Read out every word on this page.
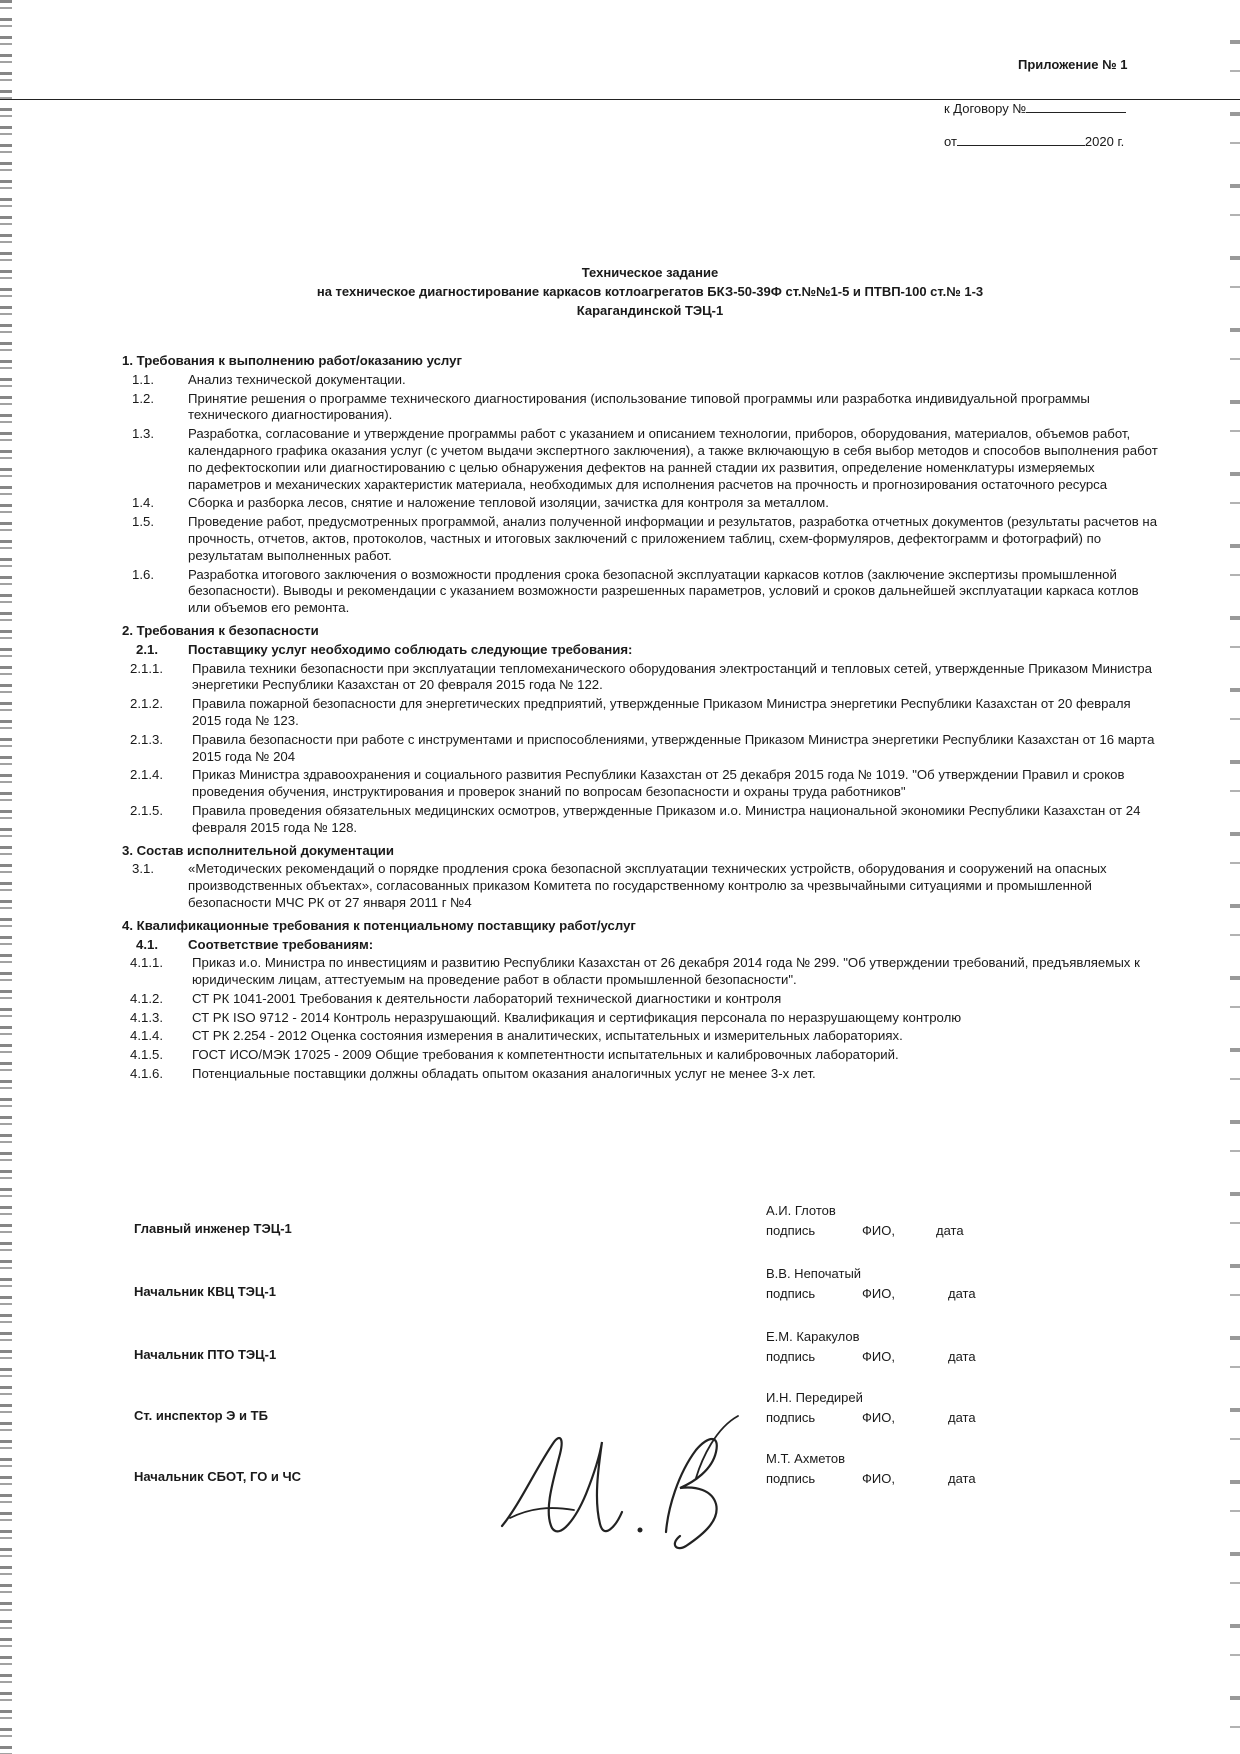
Приложение № 1
к Договору №
от	2020 г.
Техническое задание
на техническое диагностирование каркасов котлоагрегатов БКЗ-50-39Ф ст.№№1-5 и ПТВП-100 ст.№ 1-3
Карагандинской ТЭЦ-1
1. Требования к выполнению работ/оказанию услуг
1.1.	Анализ технической документации.
1.2.	Принятие решения о программе технического диагностирования (использование типовой программы или разработка индивидуальной программы технического диагностирования).
1.3.	Разработка, согласование и утверждение программы работ с указанием и описанием технологии, приборов, оборудования, материалов, объемов работ, календарного графика оказания услуг (с учетом выдачи экспертного заключения), а также включающую в себя выбор методов и способов выполнения работ по дефектоскопии или диагностированию с целью обнаружения дефектов на ранней стадии их развития, определение номенклатуры измеряемых параметров и механических характеристик материала, необходимых для исполнения расчетов на прочность и прогнозирования остаточного ресурса
1.4.	Сборка и разборка лесов, снятие и наложение тепловой изоляции, зачистка для контроля за металлом.
1.5.	Проведение работ, предусмотренных программой, анализ полученной информации и результатов, разработка отчетных документов (результаты расчетов на прочность, отчетов, актов, протоколов, частных и итоговых заключений с приложением таблиц, схем-формуляров, дефектограмм и фотографий) по результатам выполненных работ.
1.6.	Разработка итогового заключения о возможности продления срока безопасной эксплуатации каркасов котлов (заключение экспертизы промышленной безопасности). Выводы и рекомендации с указанием возможности разрешенных параметров, условий и сроков дальнейшей эксплуатации каркаса котлов или объемов его ремонта.
2. Требования к безопасности
2.1.	Поставщику услуг необходимо соблюдать следующие требования:
2.1.1.	Правила техники безопасности при эксплуатации тепломеханического оборудования электростанций и тепловых сетей, утвержденные Приказом Министра энергетики Республики Казахстан от 20 февраля 2015 года № 122.
2.1.2.	Правила пожарной безопасности для энергетических предприятий, утвержденные Приказом Министра энергетики Республики Казахстан от 20 февраля 2015 года № 123.
2.1.3.	Правила безопасности при работе с инструментами и приспособлениями, утвержденные Приказом Министра энергетики Республики Казахстан от 16 марта 2015 года № 204
2.1.4.	Приказ Министра здравоохранения и социального развития Республики Казахстан от 25 декабря 2015 года № 1019. "Об утверждении Правил и сроков проведения обучения, инструктирования и проверок знаний по вопросам безопасности и охраны труда работников"
2.1.5.	Правила проведения обязательных медицинских осмотров, утвержденные Приказом и.о. Министра национальной экономики Республики Казахстан от 24 февраля 2015 года № 128.
3. Состав исполнительной документации
3.1.	«Методических рекомендаций о порядке продления срока безопасной эксплуатации технических устройств, оборудования и сооружений на опасных производственных объектах», согласованных приказом Комитета по государственному контролю за чрезвычайными ситуациями и промышленной безопасности МЧС РК от 27 января 2011 г №4
4. Квалификационные требования к потенциальному поставщику работ/услуг
4.1.	Соответствие требованиям:
4.1.1.	Приказ и.о. Министра по инвестициям и развитию Республики Казахстан от 26 декабря 2014 года № 299. "Об утверждении требований, предъявляемых к юридическим лицам, аттестуемым на проведение работ в области промышленной безопасности".
4.1.2.	СТ РК 1041-2001 Требования к деятельности лабораторий технической диагностики и контроля
4.1.3.	СТ РК ISO 9712 - 2014 Контроль неразрушающий. Квалификация и сертификация персонала по неразрушающему контролю
4.1.4.	СТ РК 2.254 - 2012 Оценка состояния измерения в аналитических, испытательных и измерительных лабораториях.
4.1.5.	ГОСТ ИСО/МЭК 17025 - 2009 Общие требования к компетентности испытательных и калибровочных лабораторий.
4.1.6.	Потенциальные поставщики должны обладать опытом оказания аналогичных услуг не менее 3-х лет.
Главный инженер ТЭЦ-1
А.И. Глотов
подпись	ФИО,	дата
Начальник КВЦ ТЭЦ-1
В.В. Непочатый
подпись	ФИО,	дата
Начальник ПТО ТЭЦ-1
Е.М. Каракулов
подпись	ФИО,	дата
Ст. инспектор Э и ТБ
И.Н. Передирей
подпись	ФИО,	дата
Начальник СБОТ, ГО и ЧС
М.Т. Ахметов
подпись	ФИО,	дата
